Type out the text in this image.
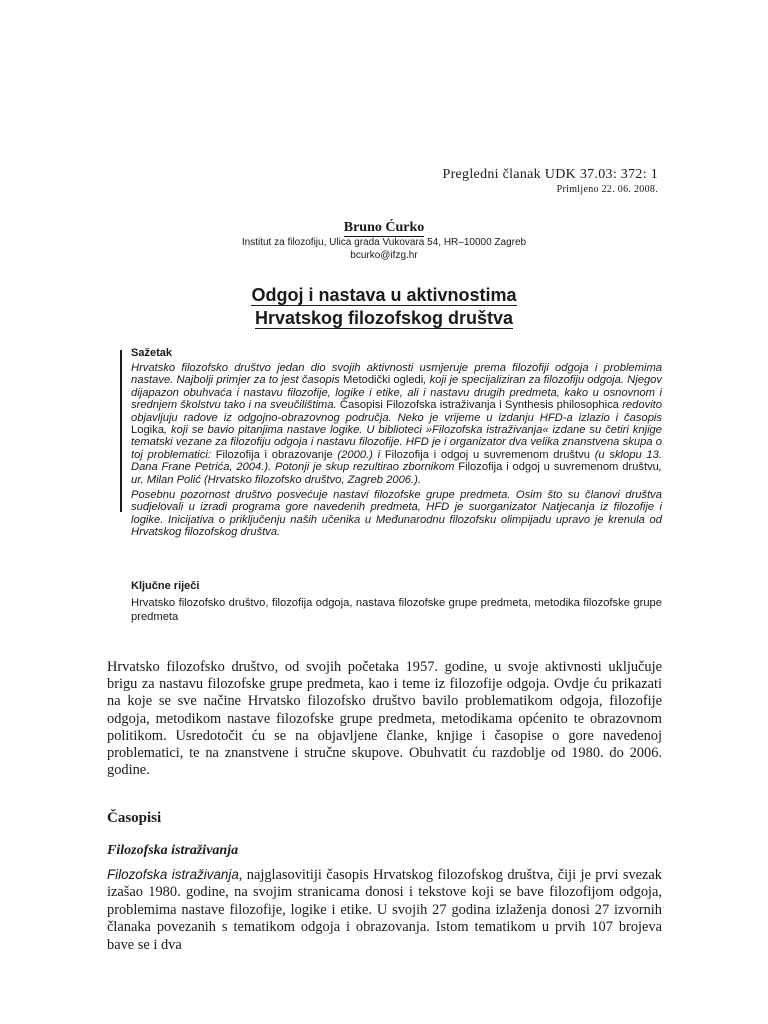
Pregledni članak UDK 37.03: 372: 1
Primljeno 22. 06. 2008.
Bruno Ćurko
Institut za filozofiju, Ulica grada Vukovara 54, HR–10000 Zagreb
bcurko@ifzg.hr
Odgoj i nastava u aktivnostima
Hrvatskog filozofskog društva
Sažetak

Hrvatsko filozofsko društvo jedan dio svojih aktivnosti usmjeruje prema filozofiji odgoja i problemima nastave. Najbolji primjer za to jest časopis Metodički ogledi, koji je specijaliziran za filozofiju odgoja. Njegov dijapazon obuhvaća i nastavu filozofije, logike i etike, ali i nastavu drugih predmeta, kako u osnovnom i srednjem školstvu tako i na sveučilištima. Časopisi Filozofska istraživanja i Synthesis philosophica redovito objavljuju radove iz odgojno-obrazovnog područja. Neko je vrijeme u izdanju HFD-a izlazio i časopis Logika, koji se bavio pitanjima nastave logike. U biblioteci »Filozofska istraživanja« izdane su četiri knjige tematski vezane za filozofiju odgoja i nastavu filozofije. HFD je i organizator dva velika znanstvena skupa o toj problematici: Filozofija i obrazovanje (2000.) i Filozofija i odgoj u suvremenom društvu (u sklopu 13. Dana Frane Petrića, 2004.). Potonji je skup rezultirao zbornikom Filozofija i odgoj u suvremenom društvu, ur. Milan Polić (Hrvatsko filozofsko društvo, Zagreb 2006.).

Posebnu pozornost društvo posvećuje nastavi filozofske grupe predmeta. Osim što su članovi društva sudjelovali u izradi programa gore navedenih predmeta, HFD je suorganizator Natjecanja iz filozofije i logike. Inicijativa o priključenju naših učenika u Međunarodnu filozofsku olimpijadu upravo je krenula od Hrvatskog filozofskog društva.

Ključne riječi
Hrvatsko filozofsko društvo, filozofija odgoja, nastava filozofske grupe predmeta, metodika filozofske grupe predmeta
Hrvatsko filozofsko društvo, od svojih početaka 1957. godine, u svoje aktivnosti uključuje brigu za nastavu filozofske grupe predmeta, kao i teme iz filozofije odgoja. Ovdje ću prikazati na koje se sve načine Hrvatsko filozofsko društvo bavilo problematikom odgoja, filozofije odgoja, metodikom nastave filozofske grupe predmeta, metodikama općenito te obrazovnom politikom. Usredotočit ću se na objavljene članke, knjige i časopise o gore navedenoj problematici, te na znanstvene i stručne skupove. Obuhvatit ću razdoblje od 1980. do 2006. godine.
Časopisi
Filozofska istraživanja
Filozofska istraživanja, najglasovitiji časopis Hrvatskog filozofskog društva, čiji je prvi svezak izašao 1980. godine, na svojim stranicama donosi i tekstove koji se bave filozofijom odgoja, problemima nastave filozofije, logike i etike. U svojih 27 godina izlaženja donosi 27 izvornih članaka povezanih s tematikom odgoja i obrazovanja. Istom tematikom u prvih 107 brojeva bave se i dva
